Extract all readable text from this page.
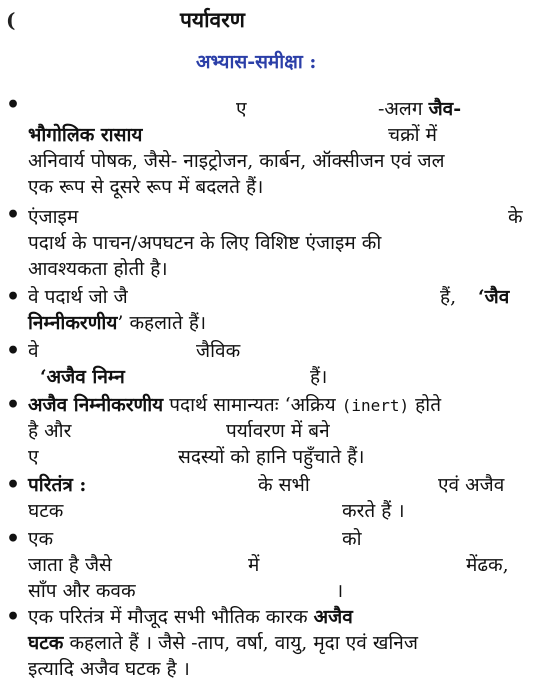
(	पर्यावरण
अभ्यास-समीक्षा :
•	ए	-अलग जैव-
भौगोलिक रासाय	चक्रों में
अनिवार्य पोषक, जैसे- नाइट्रोजन, कार्बन, ऑक्सीजन एवं जल
एक रूप से दूसरे रूप में बदलते हैं।
• एंजाइम	के
पदार्थ के पाचन/अपघटन के लिए विशिष्ट एंजाइम की
आवश्यकता होती है।
• वे पदार्थ जो जै	हैं, ‘जैव
निम्नीकरणीय’ कहलाते हैं।
• वे	जैविक
‘अजैव निम्न	हैं।
• अजैव निम्नीकरणीय पदार्थ सामान्यतः ‘अक्रिय (inert) होते
है और	पर्यावरण में बने
ए	सदस्यों को हानि पहुँचाते हैं।
• परितंत्र :	के सभी	एवं अजैव
घटक	करते हैं ।
• एक	को
जाता है जैसे	में	मेंढक,
साँप और कवक	।
• एक परितंत्र में मौजूद सभी भौतिक कारक अजैव
घटक कहलाते हैं । जैसे -ताप, वर्षा, वायु, मृदा एवं खनिज
इत्यादि अजैव घटक है ।
